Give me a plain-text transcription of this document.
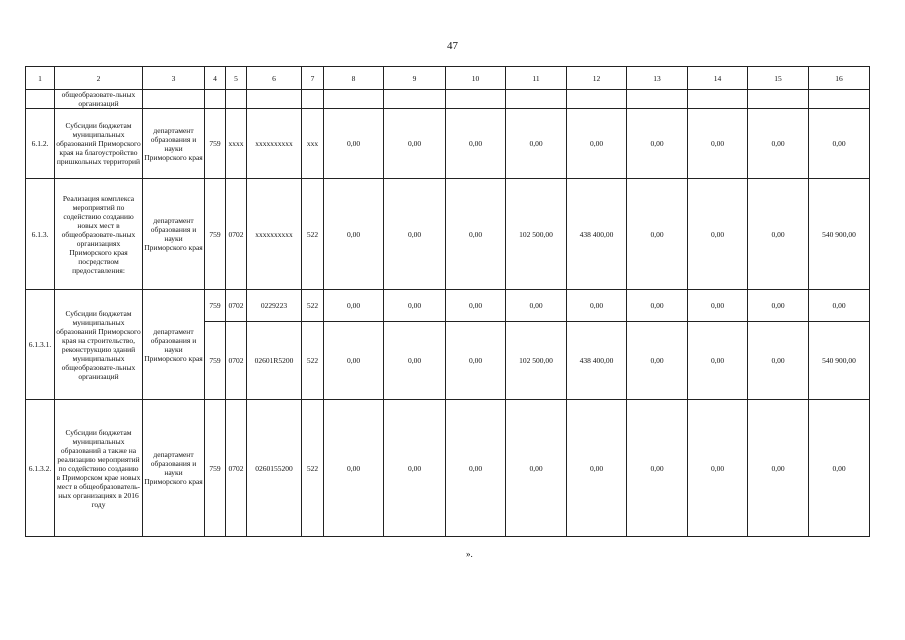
47
1	2	3	4	5	6	7	8	9	10	11	12	13	14	15	16
	общеобразовате-льных организаций														
6.1.2.	Субсидии бюджетам муниципальных образований Приморского края на благоустройство пришкольных территорий	департамент образования и науки Приморского края	759	xxxx	xxxxxxxxxx	xxx	0,00	0,00	0,00	0,00	0,00	0,00	0,00	0,00	0,00
6.1.3.	Реализация комплекса мероприятий по содействию созданию новых мест в общеобразовате-льных организациях Приморского края посредством предоставления:	департамент образования и науки Приморского края	759	0702	xxxxxxxxxx	522	0,00	0,00	0,00	102 500,00	438 400,00	0,00	0,00	0,00	540 900,00
6.1.3.1.	Субсидии бюджетам муниципальных образований Приморского края на строительство, реконструкцию зданий муниципальных общеобразовате-льных организаций	департамент образования и науки Приморского края	759	0702	0229223	522	0,00	0,00	0,00	0,00	0,00	0,00	0,00	0,00	0,00
			759	0702	02601R5200	522	0,00	0,00	0,00	102 500,00	438 400,00	0,00	0,00	0,00	540 900,00
6.1.3.2.	Субсидии бюджетам муниципальных образований а также на реализацию мероприятий по содействию созданию в Приморском крае новых мест в общеобразователь-ных организациях в 2016 году	департамент образования и науки Приморского края	759	0702	0260155200	522	0,00	0,00	0,00	0,00	0,00	0,00	0,00	0,00	0,00
».
